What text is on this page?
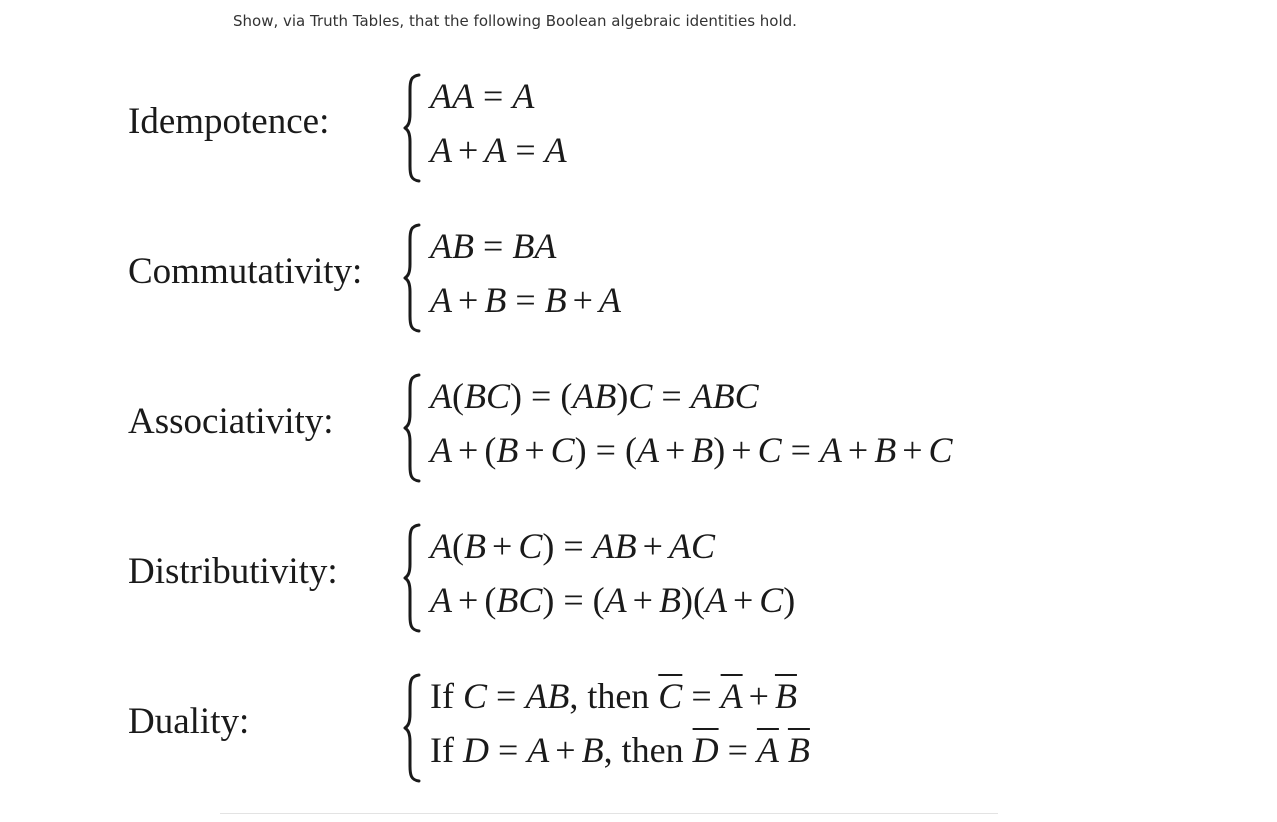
Show, via Truth Tables, that the following Boolean algebraic identities hold.
Idempotence:
AA = A
A + A = A
Commutativity:
AB = BA
A + B = B + A
Associativity:
A(BC) = (AB)C = ABC
A + (B + C) = (A + B) + C = A + B + C
Distributivity:
A(B + C) = AB + AC
A + (BC) = (A + B)(A + C)
Duality:
If C = AB, then $\overline{C} = \overline{A} + \overline{B}$
If D = A + B, then $\overline{D} = \overline{A}$ $\overline{B}$
